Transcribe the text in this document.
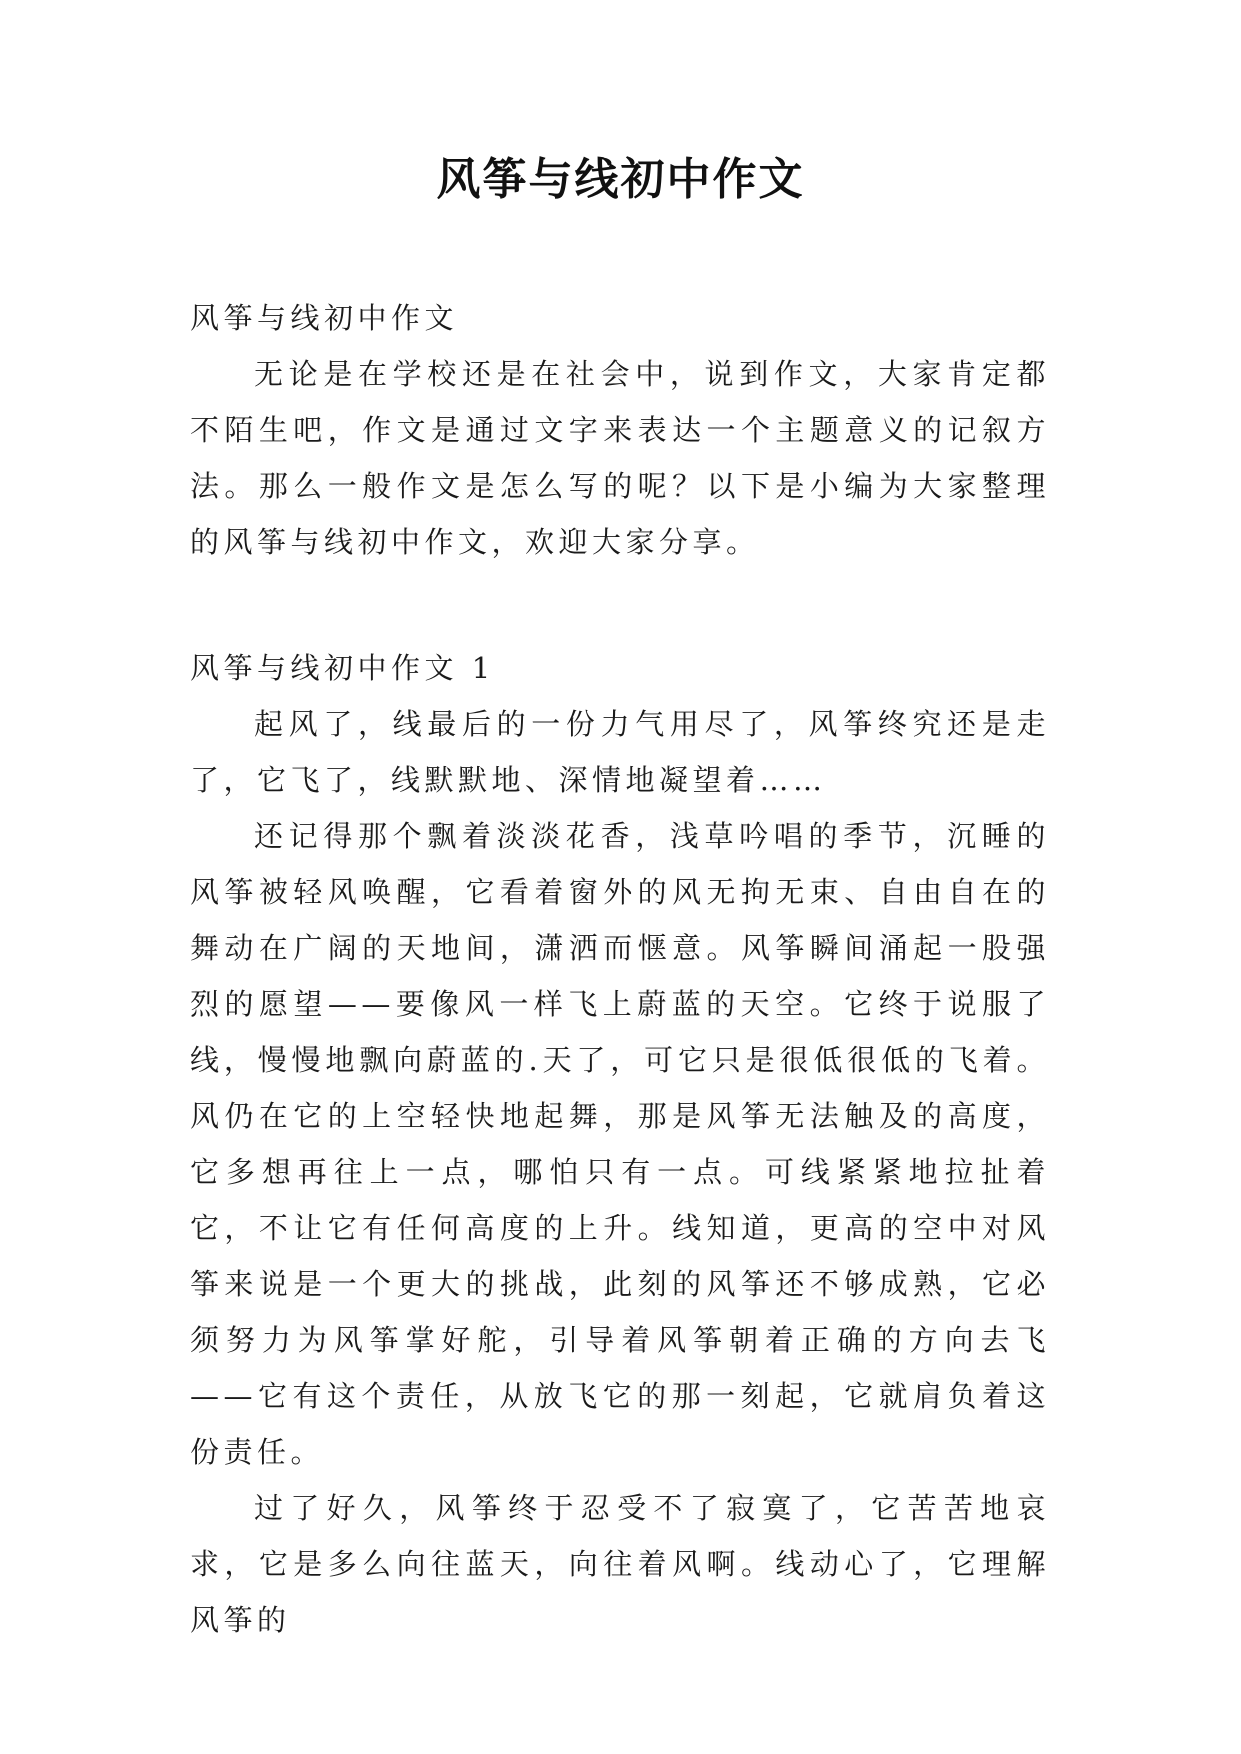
风筝与线初中作文

风筝与线初中作文

无论是在学校还是在社会中，说到作文，大家肯定都不陌生吧，作文是通过文字来表达一个主题意义的记叙方法。那么一般作文是怎么写的呢？以下是小编为大家整理的风筝与线初中作文，欢迎大家分享。

风筝与线初中作文 1

起风了，线最后的一份力气用尽了，风筝终究还是走了，它飞了，线默默地、深情地凝望着……

还记得那个飘着淡淡花香，浅草吟唱的季节，沉睡的风筝被轻风唤醒，它看着窗外的风无拘无束、自由自在的舞动在广阔的天地间，潇洒而惬意。风筝瞬间涌起一股强烈的愿望——要像风一样飞上蔚蓝的天空。它终于说服了线，慢慢地飘向蔚蓝的.天了，可它只是很低很低的飞着。风仍在它的上空轻快地起舞，那是风筝无法触及的高度，它多想再往上一点，哪怕只有一点。可线紧紧地拉扯着它，不让它有任何高度的上升。线知道，更高的空中对风筝来说是一个更大的挑战，此刻的风筝还不够成熟，它必须努力为风筝掌好舵，引导着风筝朝着正确的方向去飞——它有这个责任，从放飞它的那一刻起，它就肩负着这份责任。

过了好久，风筝终于忍受不了寂寞了，它苦苦地哀求，它是多么向往蓝天，向往着风啊。线动心了，它理解风筝的
